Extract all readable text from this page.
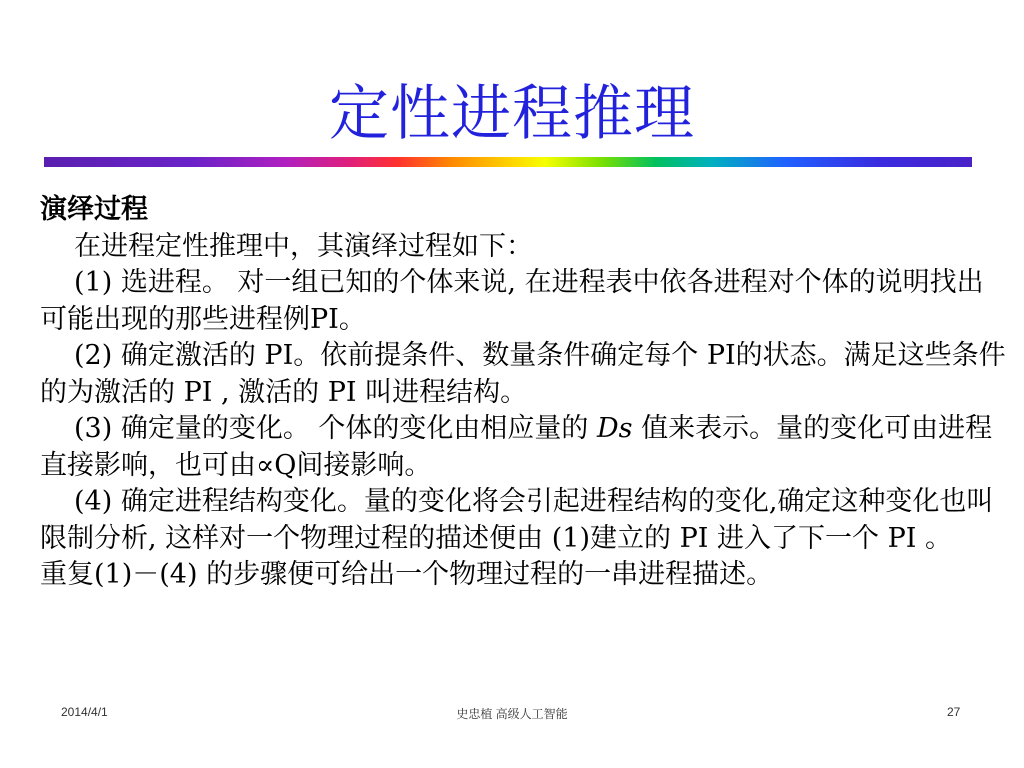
定性进程推理
演绎过程
在进程定性推理中，其演绎过程如下：
(1) 选进程。 对一组已知的个体来说, 在进程表中依各进程对个体的说明找出可能出现的那些进程例PI。
(2) 确定激活的 PI。依前提条件、数量条件确定每个 PI的状态。满足这些条件的为激活的 PI , 激活的 PI 叫进程结构。
(3) 确定量的变化。 个体的变化由相应量的 Ds 值来表示。量的变化可由进程直接影响，也可由∝Q间接影响。
(4) 确定进程结构变化。量的变化将会引起进程结构的变化,确定这种变化也叫限制分析, 这样对一个物理过程的描述便由 (1)建立的 PI 进入了下一个 PI 。
重复(1)－(4) 的步骤便可给出一个物理过程的一串进程描述。
2014/4/1	史忠植 高级人工智能	27
